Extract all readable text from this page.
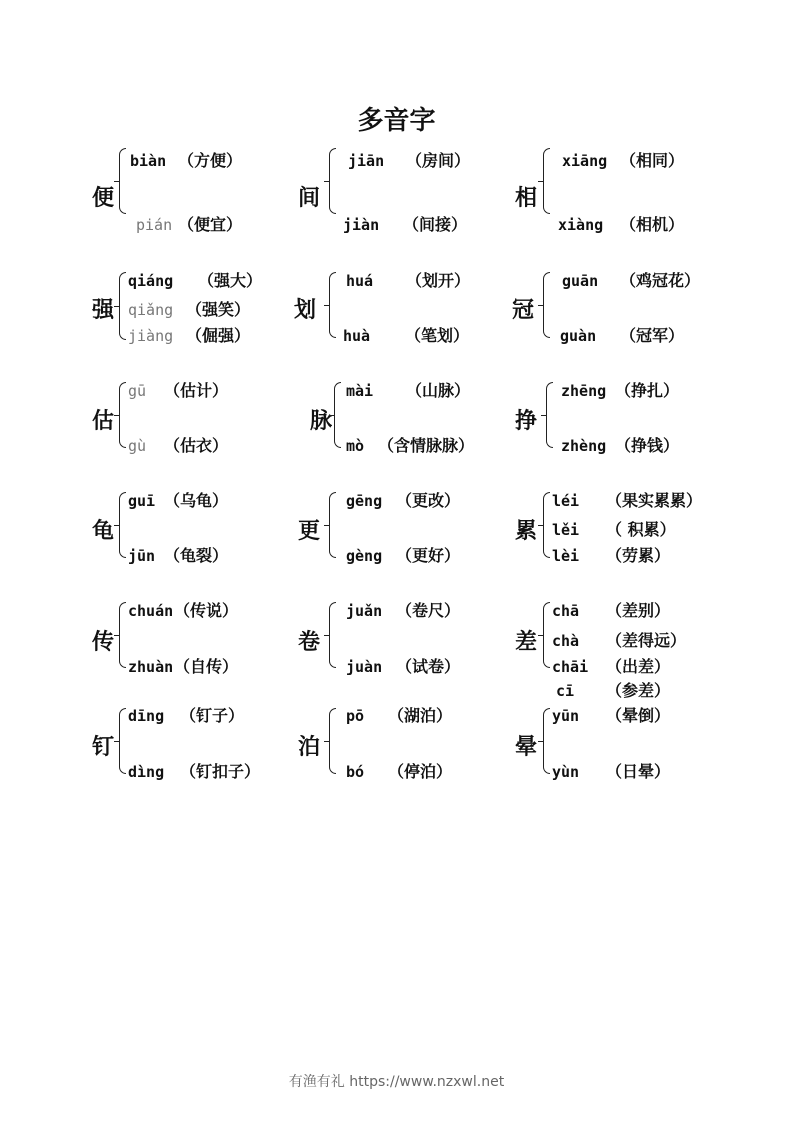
多音字
便
biàn （方便）
pián （便宜）
间
jiān （房间）
jiàn （间接）
相
xiāng （相同）
xiàng （相机）
强
qiáng （强大）
qiǎng （强笑）
jiàng （倔强）
划
huá （划开）
huà （笔划）
冠
guān （鸡冠花）
guàn （冠军）
估
gū （估计）
gù （估衣）
脉
mài （山脉）
mò （含情脉脉）
挣
zhēng （挣扎）
zhèng （挣钱）
龟
guī （乌龟）
jūn （龟裂）
更
gēng （更改）
gèng （更好）
累
léi （果实累累）
lěi （ 积累）
lèi （劳累）
传
chuán（传说）
zhuàn（自传）
卷
juǎn （卷尺）
juàn （试卷）
差
chā （差别）
chà （差得远）
chāi （出差）
cī （参差）
钉
dīng （钉子）
dìng （钉扣子）
泊
pō （湖泊）
bó （停泊）
晕
yūn （晕倒）
yùn （日晕）
有渔有礼 https://www.nzxwl.net
